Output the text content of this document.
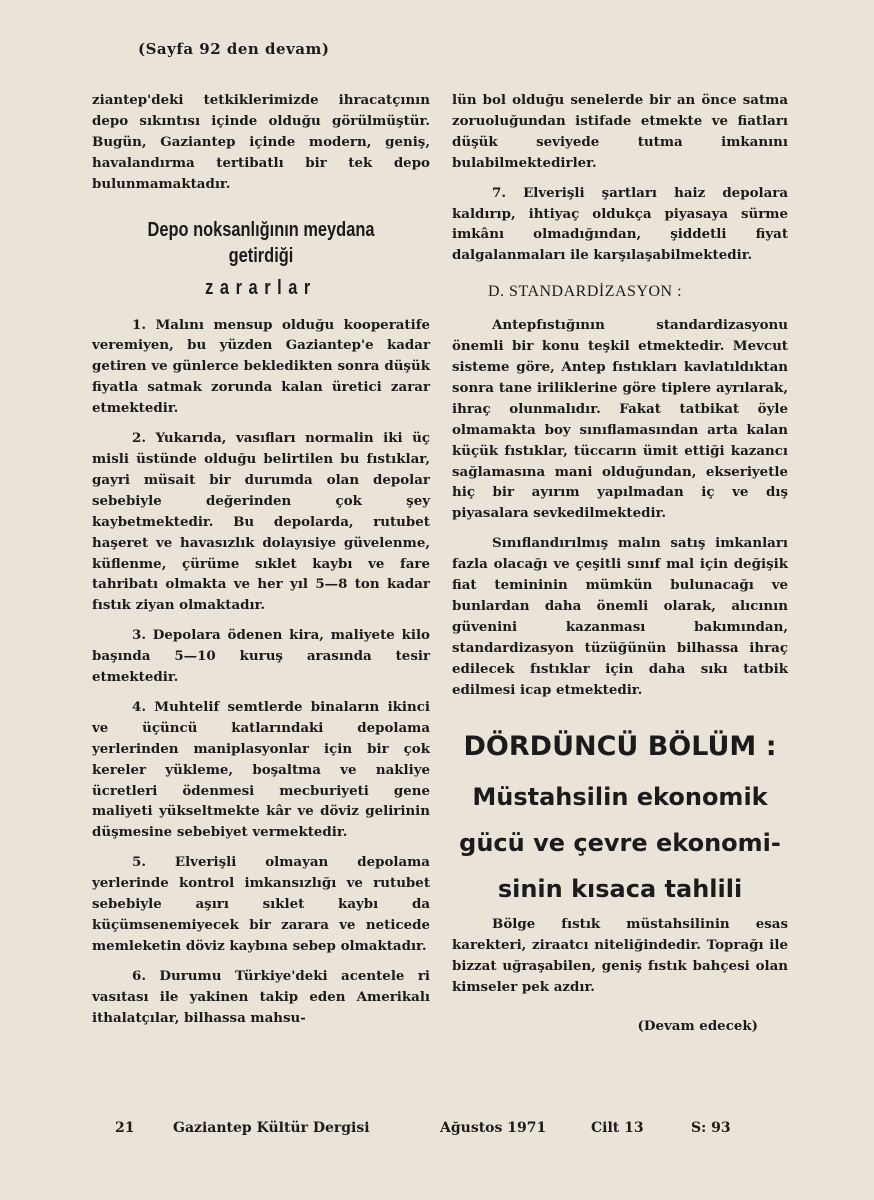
(Sayfa 92 den devam)

ziantep'deki tetkiklerimizde ihracatçının depo sıkıntısı içinde olduğu görülmüştür. Bugün, Gaziantep içinde modern, geniş, havalandırma tertibatlı bir tek depo bulunmamaktadır.

Depo noksanlığının meydana getirdiği
zararlar

1. Malını mensup olduğu kooperatife veremiyen, bu yüzden Gaziantep'e kadar getiren ve günlerce bekledikten sonra düşük fiyatla satmak zorunda kalan üretici zarar etmektedir.

2. Yukarıda, vasıfları normalin iki üç misli üstünde olduğu belirtilen bu fıstıklar, gayri müsait bir durumda olan depolar sebebiyle değerinden çok şey kaybetmektedir. Bu depolarda, rutubet haşeret ve havasızlık dolayısiye güvelenme, küflenme, çürüme sıklet kaybı ve fare tahribatı olmakta ve her yıl 5—8 ton kadar fıstık ziyan olmaktadır.

3. Depolara ödenen kira, maliyete kilo başında 5—10 kuruş arasında tesir etmektedir.

4. Muhtelif semtlerde binaların ikinci ve üçüncü katlarındaki depolama yerlerinden maniplasyonlar için bir çok kereler yükleme, boşaltma ve nakliye ücretleri ödenmesi mecburiyeti gene maliyeti yükseltmekte kâr ve döviz gelirinin düşmesine sebebiyet vermektedir.

5. Elverişli olmayan depolama yerlerinde kontrol imkansızlığı ve rutubet sebebiyle aşırı sıklet kaybı da küçümsenemiyecek bir zarara ve neticede memleketin döviz kaybına sebep olmaktadır.

6. Durumu Türkiye'deki acentele ri vasıtası ile yakinen takip eden Amerikalı ithalatçılar, bilhassa mahsu-

lün bol olduğu senelerde bir an önce satma zoruoluğundan istifade etmekte ve fiatları düşük seviyede tutma imkanını bulabilmektedirler.

7. Elverişli şartları haiz depolara kaldırıp, ihtiyaç oldukça piyasaya sürme imkânı olmadığından, şiddetli fiyat dalgalanmaları ile karşılaşabilmektedir.

D. STANDARDİZASYON :

Antepfıstığının standardizasyonu önemli bir konu teşkil etmektedir. Mevcut sisteme göre, Antep fıstıkları kavlatıldıktan sonra tane iriliklerine göre tiplere ayrılarak, ihraç olunmalıdır. Fakat tatbikat öyle olmamakta boy sınıflamasından arta kalan küçük fıstıklar, tüccarın ümit ettiği kazancı sağlamasına mani olduğundan, ekseriyetle hiç bir ayırım yapılmadan iç ve dış piyasalara sevkedilmektedir.

Sınıflandırılmış malın satış imkanları fazla olacağı ve çeşitli sınıf mal için değişik fiat temininin mümkün bulunacağı ve bunlardan daha önemli olarak, alıcının güvenini kazanması bakımından, standardizasyon tüzüğünün bilhassa ihraç edilecek fıstıklar için daha sıkı tatbik edilmesi icap etmektedir.

DÖRDÜNCÜ BÖLÜM :
Müstahsilin ekonomik
gücü ve çevre ekonomi-
sinin kısaca tahlili

Bölge fıstık müstahsilinin esas karekteri, ziraatcı niteliğindedir. Toprağı ile bizzat uğraşabilen, geniş fıstık bahçesi olan kimseler pek azdır.

(Devam edecek)
21	Gaziantep Kültür Dergisi	Ağustos 1971	Cilt 13	S: 93
